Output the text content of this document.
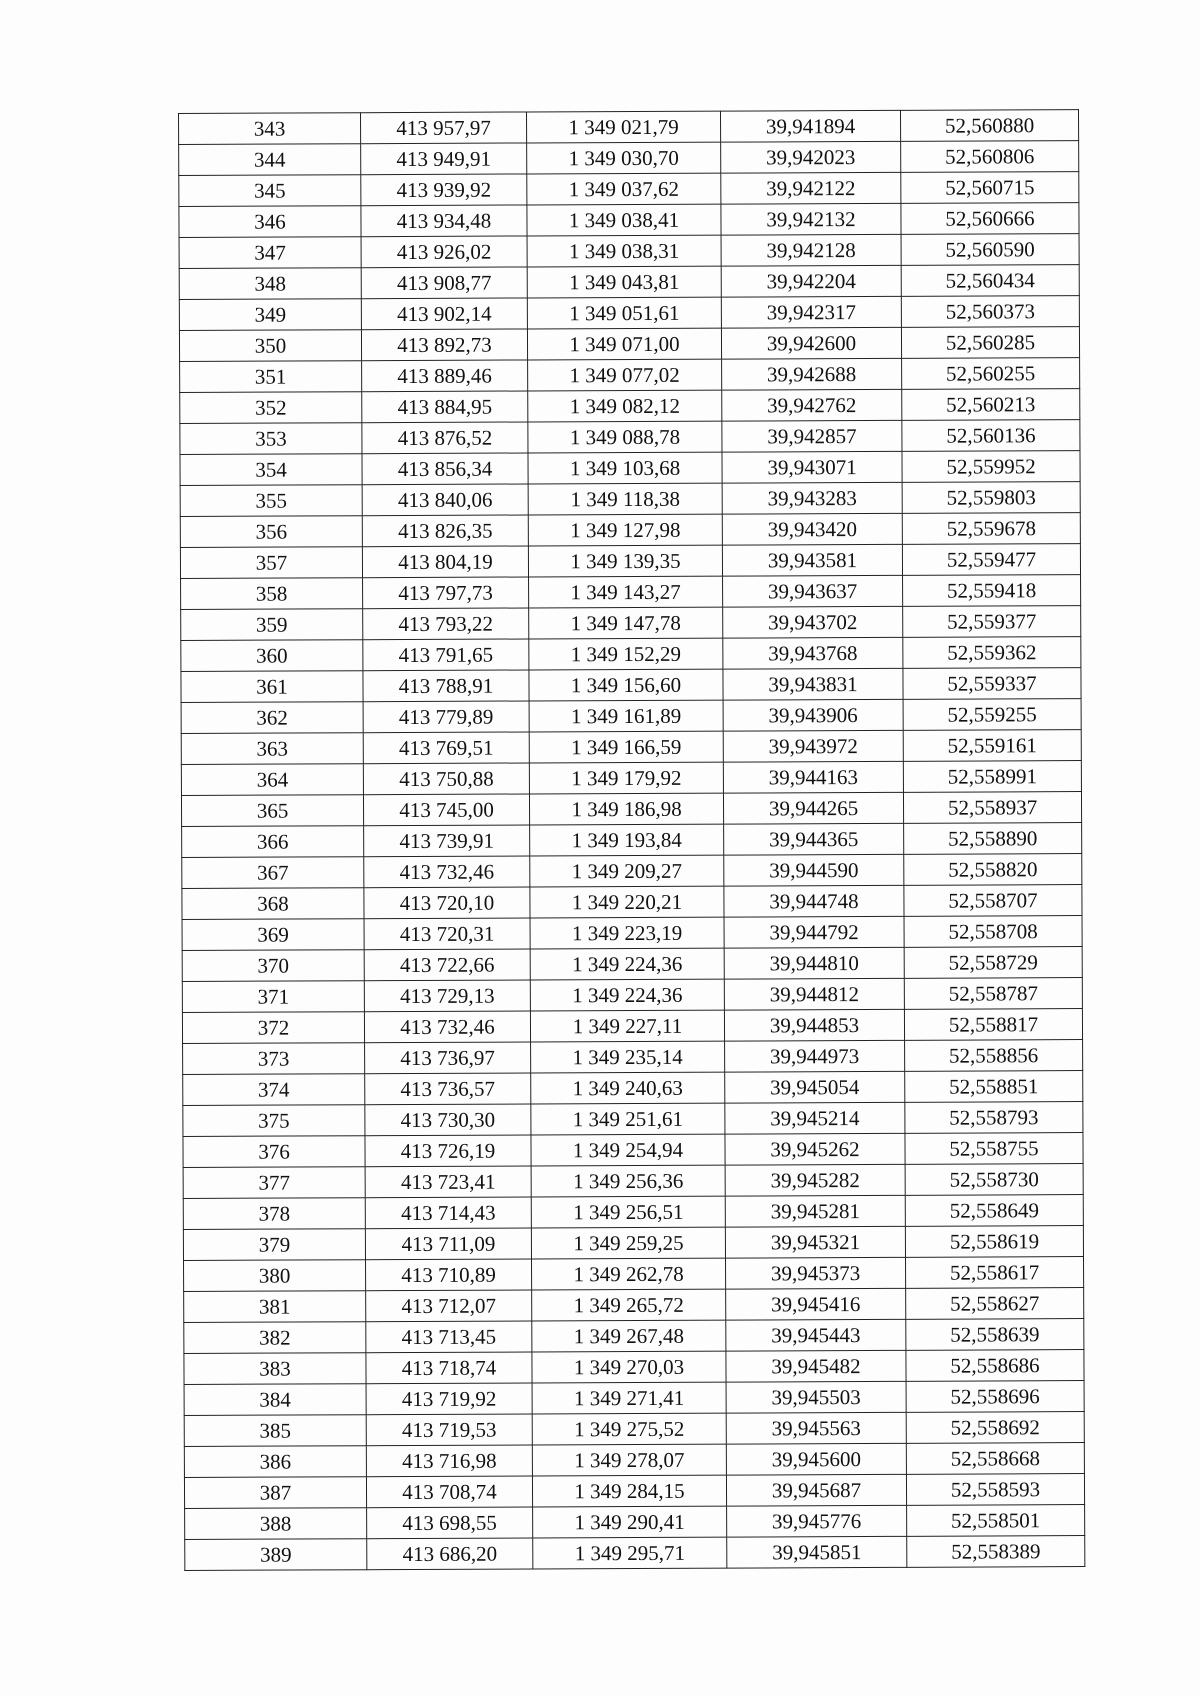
343	413 957,97	1 349 021,79	39,941894	52,560880
344	413 949,91	1 349 030,70	39,942023	52,560806
345	413 939,92	1 349 037,62	39,942122	52,560715
346	413 934,48	1 349 038,41	39,942132	52,560666
347	413 926,02	1 349 038,31	39,942128	52,560590
348	413 908,77	1 349 043,81	39,942204	52,560434
349	413 902,14	1 349 051,61	39,942317	52,560373
350	413 892,73	1 349 071,00	39,942600	52,560285
351	413 889,46	1 349 077,02	39,942688	52,560255
352	413 884,95	1 349 082,12	39,942762	52,560213
353	413 876,52	1 349 088,78	39,942857	52,560136
354	413 856,34	1 349 103,68	39,943071	52,559952
355	413 840,06	1 349 118,38	39,943283	52,559803
356	413 826,35	1 349 127,98	39,943420	52,559678
357	413 804,19	1 349 139,35	39,943581	52,559477
358	413 797,73	1 349 143,27	39,943637	52,559418
359	413 793,22	1 349 147,78	39,943702	52,559377
360	413 791,65	1 349 152,29	39,943768	52,559362
361	413 788,91	1 349 156,60	39,943831	52,559337
362	413 779,89	1 349 161,89	39,943906	52,559255
363	413 769,51	1 349 166,59	39,943972	52,559161
364	413 750,88	1 349 179,92	39,944163	52,558991
365	413 745,00	1 349 186,98	39,944265	52,558937
366	413 739,91	1 349 193,84	39,944365	52,558890
367	413 732,46	1 349 209,27	39,944590	52,558820
368	413 720,10	1 349 220,21	39,944748	52,558707
369	413 720,31	1 349 223,19	39,944792	52,558708
370	413 722,66	1 349 224,36	39,944810	52,558729
371	413 729,13	1 349 224,36	39,944812	52,558787
372	413 732,46	1 349 227,11	39,944853	52,558817
373	413 736,97	1 349 235,14	39,944973	52,558856
374	413 736,57	1 349 240,63	39,945054	52,558851
375	413 730,30	1 349 251,61	39,945214	52,558793
376	413 726,19	1 349 254,94	39,945262	52,558755
377	413 723,41	1 349 256,36	39,945282	52,558730
378	413 714,43	1 349 256,51	39,945281	52,558649
379	413 711,09	1 349 259,25	39,945321	52,558619
380	413 710,89	1 349 262,78	39,945373	52,558617
381	413 712,07	1 349 265,72	39,945416	52,558627
382	413 713,45	1 349 267,48	39,945443	52,558639
383	413 718,74	1 349 270,03	39,945482	52,558686
384	413 719,92	1 349 271,41	39,945503	52,558696
385	413 719,53	1 349 275,52	39,945563	52,558692
386	413 716,98	1 349 278,07	39,945600	52,558668
387	413 708,74	1 349 284,15	39,945687	52,558593
388	413 698,55	1 349 290,41	39,945776	52,558501
389	413 686,20	1 349 295,71	39,945851	52,558389
